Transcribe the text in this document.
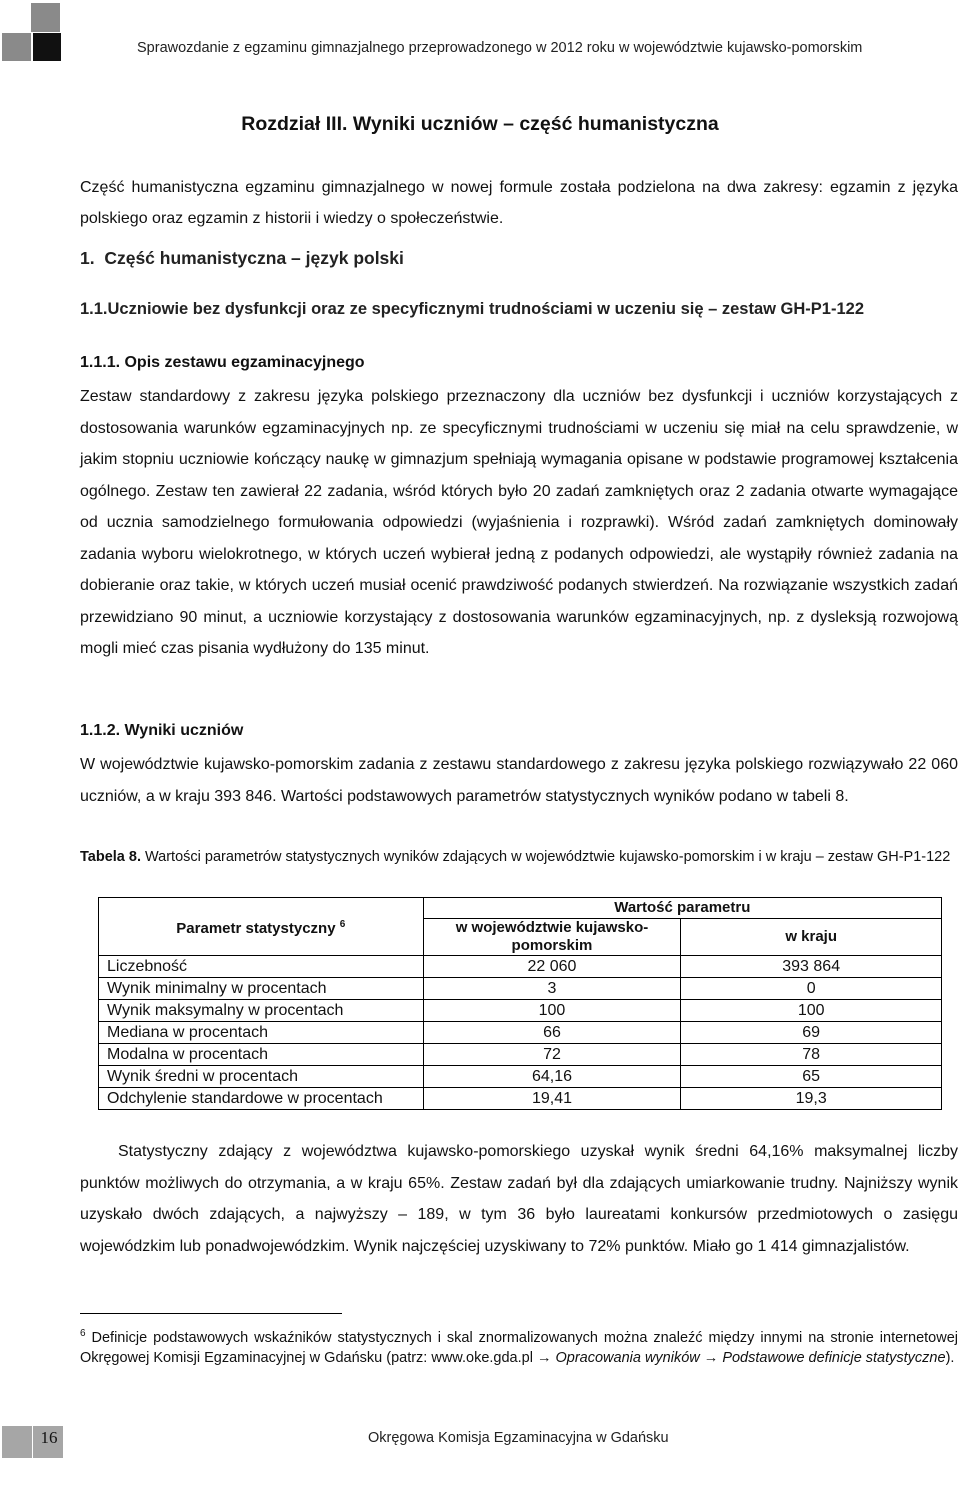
Sprawozdanie z egzaminu gimnazjalnego przeprowadzonego w 2012 roku w województwie kujawsko-pomorskim
Rozdział III. Wyniki uczniów – część humanistyczna
Część humanistyczna egzaminu gimnazjalnego w nowej formule została podzielona na dwa zakresy: egzamin z języka polskiego oraz egzamin z historii i wiedzy o społeczeństwie.
1.  Część humanistyczna – język polski
1.1.Uczniowie bez dysfunkcji oraz ze specyficznymi trudnościami w uczeniu się – zestaw GH-P1-122
1.1.1. Opis zestawu egzaminacyjnego
Zestaw standardowy z zakresu języka polskiego przeznaczony dla uczniów bez dysfunkcji i uczniów korzystających z dostosowania warunków egzaminacyjnych np. ze specyficznymi trudnościami w uczeniu się miał na celu sprawdzenie, w jakim stopniu uczniowie kończący naukę w gimnazjum spełniają wymagania opisane w podstawie programowej kształcenia ogólnego. Zestaw ten zawierał 22 zadania, wśród których było 20 zadań zamkniętych oraz 2 zadania otwarte wymagające od ucznia samodzielnego formułowania odpowiedzi (wyjaśnienia i rozprawki). Wśród zadań zamkniętych dominowały zadania wyboru wielokrotnego, w których uczeń wybierał jedną z podanych odpowiedzi, ale wystąpiły również zadania na dobieranie oraz takie, w których uczeń musiał ocenić prawdziwość podanych stwierdzeń. Na rozwiązanie wszystkich zadań przewidziano 90 minut, a uczniowie korzystający z dostosowania warunków egzaminacyjnych, np. z dysleksją rozwojową mogli mieć czas pisania wydłużony do 135 minut.
1.1.2. Wyniki uczniów
W województwie kujawsko-pomorskim zadania z zestawu standardowego z zakresu języka polskiego rozwiązywało 22 060 uczniów, a w kraju 393 846. Wartości podstawowych parametrów statystycznych wyników podano w tabeli 8.
Tabela 8. Wartości parametrów statystycznych wyników zdających w województwie kujawsko-pomorskim i w kraju – zestaw GH-P1-122
Parametr statystyczny $^6$	Wartość parametru	
	w województwie kujawsko-pomorskim	w kraju
Liczebność	22 060	393 864
Wynik minimalny w procentach	3	0
Wynik maksymalny w procentach	100	100
Mediana w procentach	66	69
Modalna w procentach	72	78
Wynik średni w procentach	64,16	65
Odchylenie standardowe w procentach	19,41	19,3
Statystyczny zdający z województwa kujawsko-pomorskiego uzyskał wynik średni 64,16% maksymalnej liczby punktów możliwych do otrzymania, a w kraju 65%. Zestaw zadań był dla zdających umiarkowanie trudny. Najniższy wynik uzyskało dwóch zdających, a najwyższy – 189, w tym 36 było laureatami konkursów przedmiotowych o zasięgu wojewódzkim lub ponadwojewódzkim. Wynik najczęściej uzyskiwany to 72% punktów. Miało go 1 414 gimnazjalistów.
$^6$ Definicje podstawowych wskaźników statystycznych i skal znormalizowanych można znaleźć między innymi na stronie internetowej Okręgowej Komisji Egzaminacyjnej w Gdańsku (patrz: www.oke.gda.pl → Opracowania wyników → Podstawowe definicje statystyczne).
16	Okręgowa Komisja Egzaminacyjna w Gdańsku
